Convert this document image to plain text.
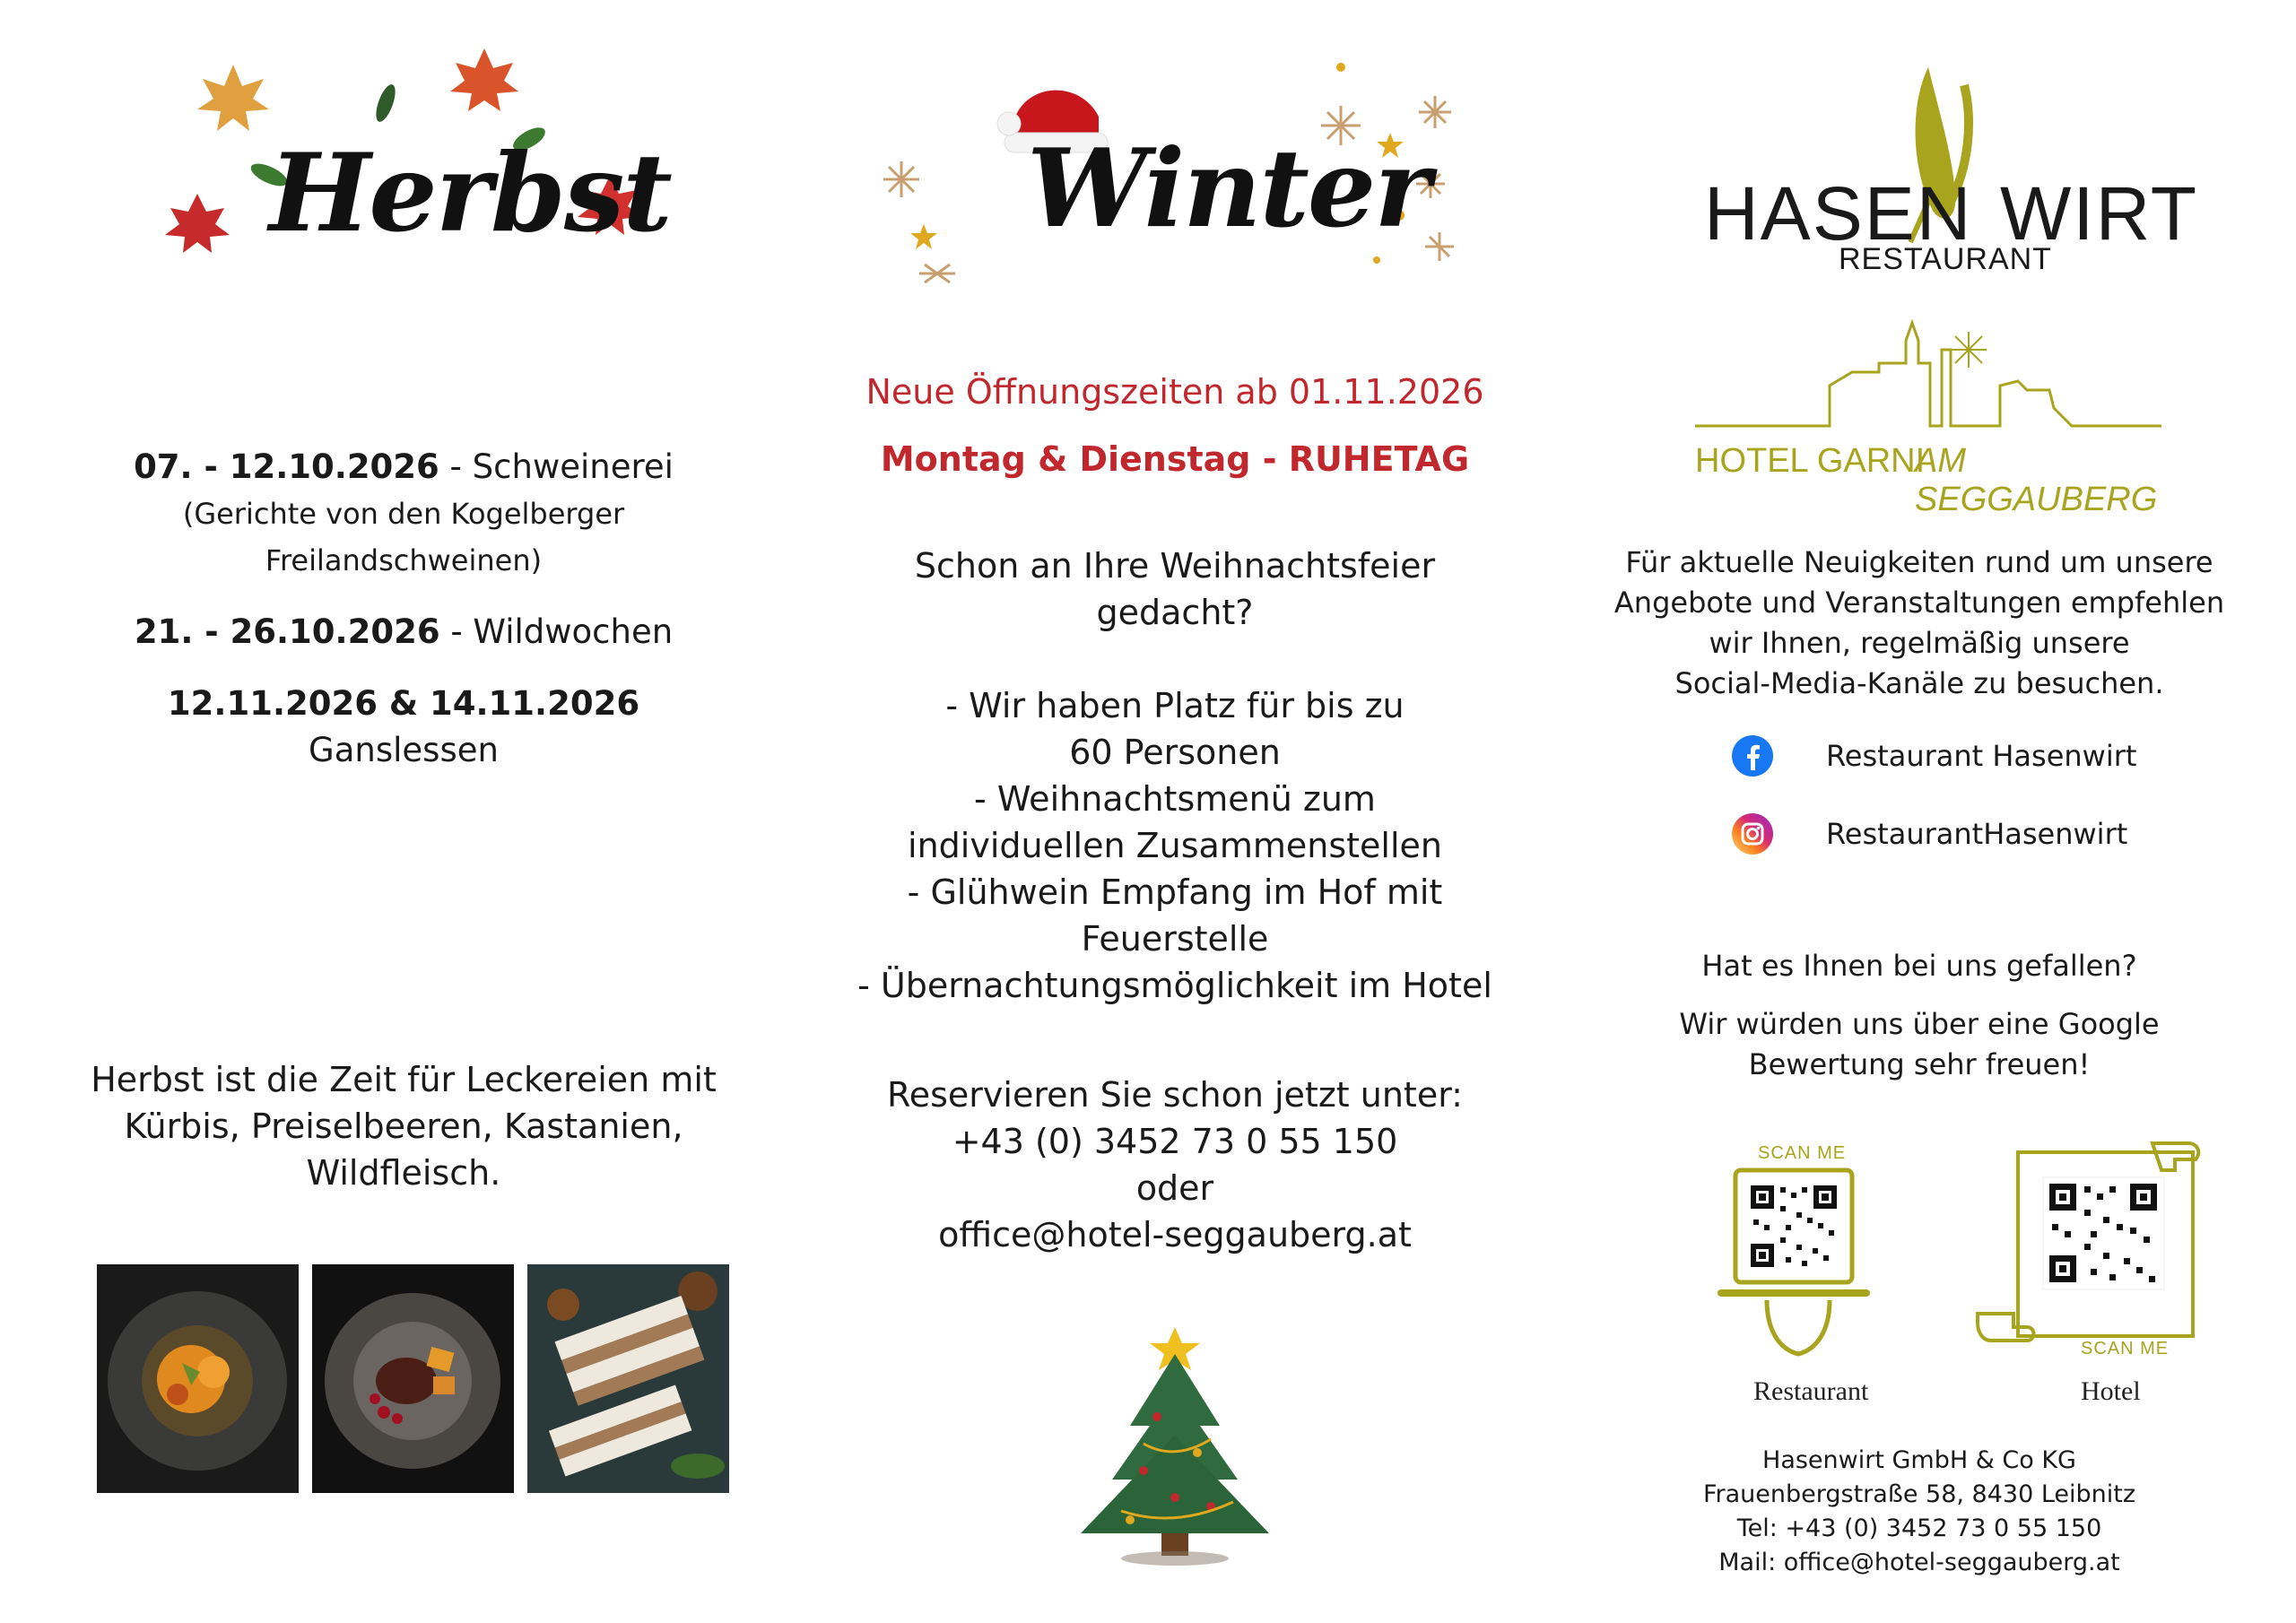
Herbst
07. - 12.10.2026 - Schweinerei
(Gerichte von den Kogelberger
Freilandschweinen)
21. - 26.10.2026 - Wildwochen
12.11.2026 & 14.11.2026
Ganslessen
Herbst ist die Zeit für Leckereien mit
Kürbis, Preiselbeeren, Kastanien,
Wildfleisch.
Winter
Neue Öffnungszeiten ab 01.11.2026
Montag & Dienstag - RUHETAG
Schon an Ihre Weihnachtsfeier
gedacht?
- Wir haben Platz für bis zu
60 Personen
- Weihnachtsmenü zum
individuellen Zusammenstellen
- Glühwein Empfang im Hof mit
Feuerstelle
- Übernachtungsmöglichkeit im Hotel
Reservieren Sie schon jetzt unter:
+43 (0) 3452 73 0 55 150
oder
office@hotel-seggauberg.at
HASEN WIRT
RESTAURANT
HOTEL GARNI
AM SEGGAUBERG
Für aktuelle Neuigkeiten rund um unsere
Angebote und Veranstaltungen empfehlen
wir Ihnen, regelmäßig unsere
Social-Media-Kanäle zu besuchen.
Restaurant Hasenwirt
RestaurantHasenwirt
Hat es Ihnen bei uns gefallen?
Wir würden uns über eine Google
Bewertung sehr freuen!
SCAN ME
Restaurant
SCAN ME
Hotel
Hasenwirt GmbH & Co KG
Frauenbergstraße 58, 8430 Leibnitz
Tel: +43 (0) 3452 73 0 55 150
Mail: office@hotel-seggauberg.at
